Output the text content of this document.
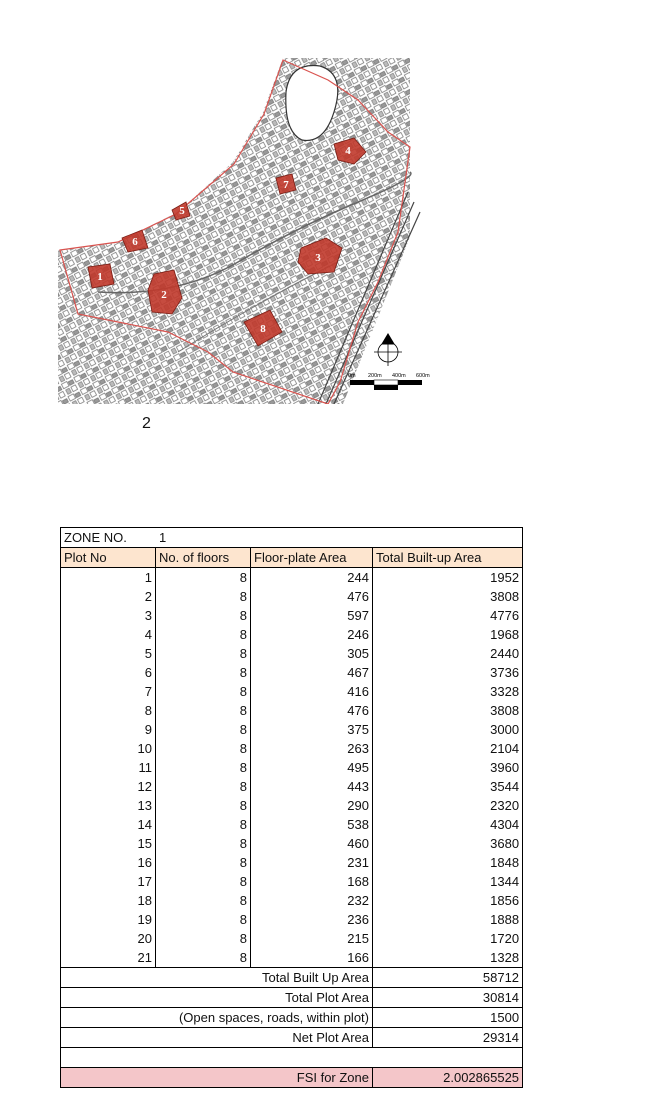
1
2
3
4
5
6
7
8
0m 200m 400m 600m
2
ZONE NO. 1			
Plot No	No. of floors	Floor-plate Area	Total Built-up Area
1	8	244	1952
2	8	476	3808
3	8	597	4776
4	8	246	1968
5	8	305	2440
6	8	467	3736
7	8	416	3328
8	8	476	3808
9	8	375	3000
10	8	263	2104
11	8	495	3960
12	8	443	3544
13	8	290	2320
14	8	538	4304
15	8	460	3680
16	8	231	1848
17	8	168	1344
18	8	232	1856
19	8	236	1888
20	8	215	1720
21	8	166	1328
Total Built Up Area			58712
Total Plot Area			30814
(Open spaces, roads, within plot)			1500
Net Plot Area			29314

FSI for Zone			2.002865525
